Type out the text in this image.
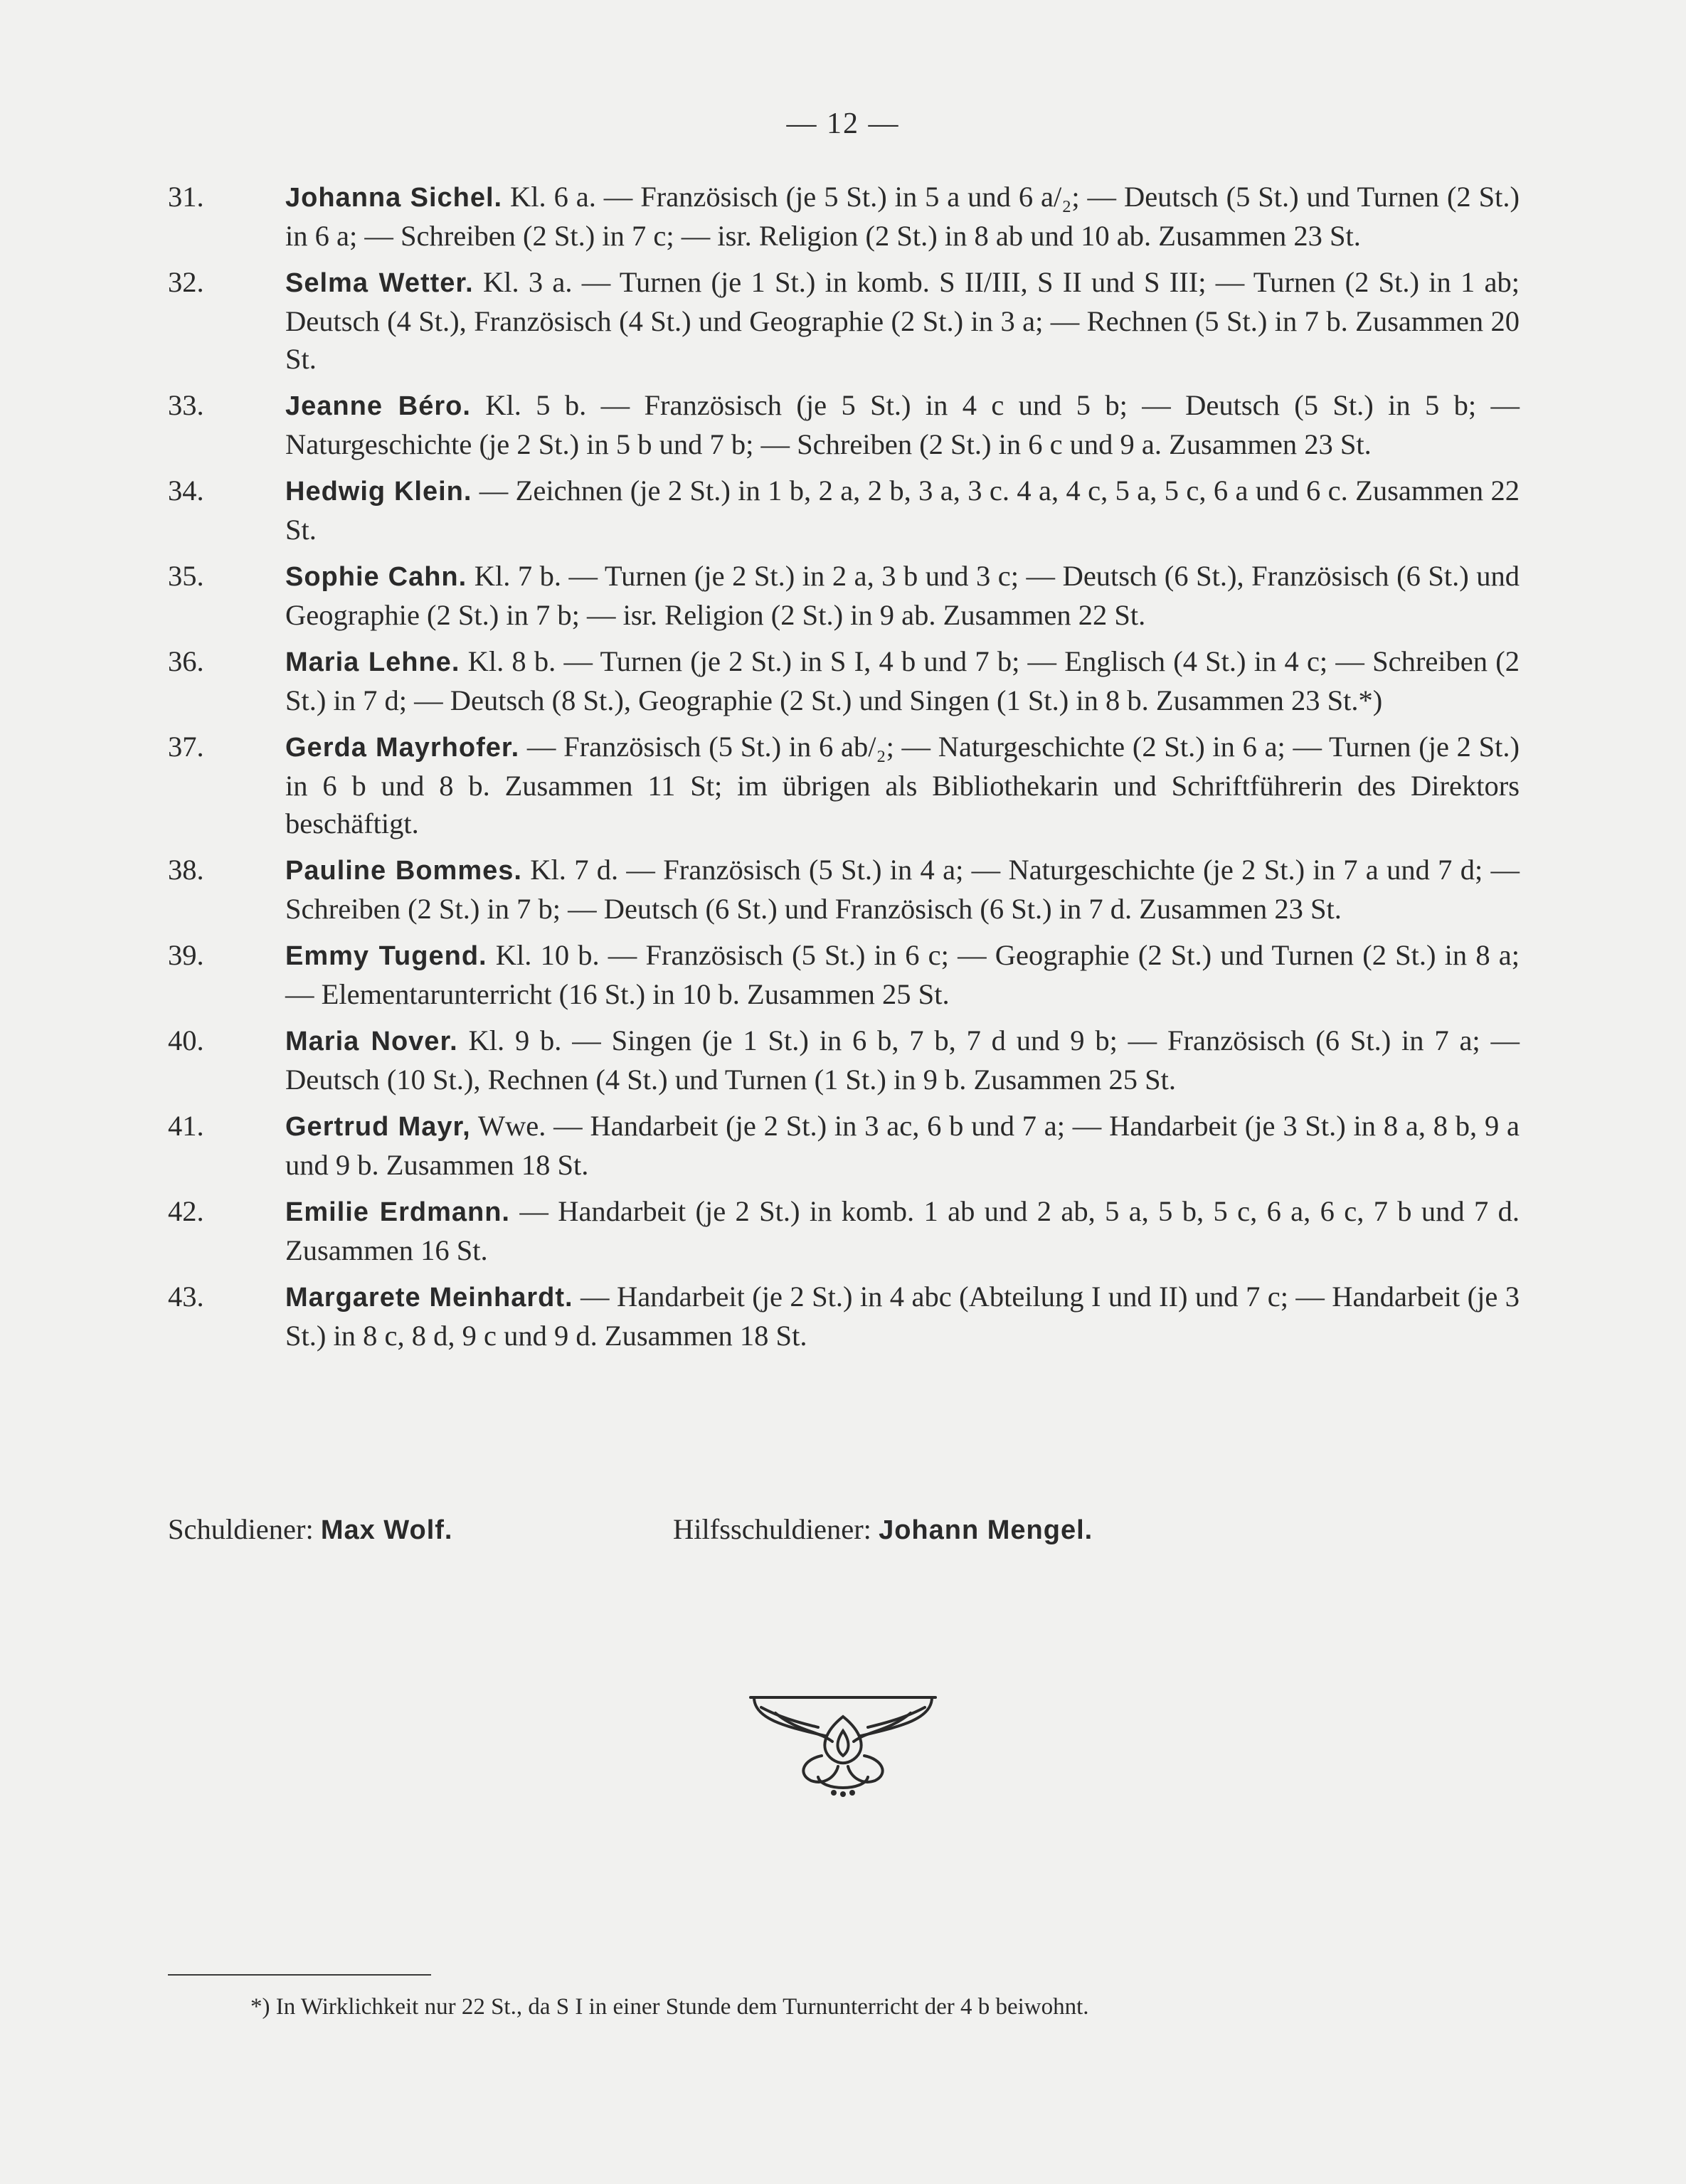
— 12 —
31.	Johanna Sichel. Kl. 6 a. — Französisch (je 5 St.) in 5 a und 6 a/₂; — Deutsch (5 St.) und Turnen (2 St.) in 6 a; — Schreiben (2 St.) in 7 c; — isr. Religion (2 St.) in 8 ab und 10 ab. Zusammen 23 St.
32.	Selma Wetter. Kl. 3 a. — Turnen (je 1 St.) in komb. S II/III, S II und S III; — Turnen (2 St.) in 1 ab; Deutsch (4 St.), Französisch (4 St.) und Geographie (2 St.) in 3 a; — Rechnen (5 St.) in 7 b. Zusammen 20 St.
33.	Jeanne Béro. Kl. 5 b. — Französisch (je 5 St.) in 4 c und 5 b; — Deutsch (5 St.) in 5 b; — Naturgeschichte (je 2 St.) in 5 b und 7 b; — Schreiben (2 St.) in 6 c und 9 a. Zusammen 23 St.
34.	Hedwig Klein. — Zeichnen (je 2 St.) in 1 b, 2 a, 2 b, 3 a, 3 c. 4 a, 4 c, 5 a, 5 c, 6 a und 6 c. Zusammen 22 St.
35.	Sophie Cahn. Kl. 7 b. — Turnen (je 2 St.) in 2 a, 3 b und 3 c; — Deutsch (6 St.), Französisch (6 St.) und Geographie (2 St.) in 7 b; — isr. Religion (2 St.) in 9 ab. Zusammen 22 St.
36.	Maria Lehne. Kl. 8 b. — Turnen (je 2 St.) in S I, 4 b und 7 b; — Englisch (4 St.) in 4 c; — Schreiben (2 St.) in 7 d; — Deutsch (8 St.), Geographie (2 St.) und Singen (1 St.) in 8 b. Zusammen 23 St.*)
37.	Gerda Mayrhofer. — Französisch (5 St.) in 6 ab/₂; — Naturgeschichte (2 St.) in 6 a; — Turnen (je 2 St.) in 6 b und 8 b. Zusammen 11 St; im übrigen als Bibliothekarin und Schriftführerin des Direktors beschäftigt.
38.	Pauline Bommes. Kl. 7 d. — Französisch (5 St.) in 4 a; — Naturgeschichte (je 2 St.) in 7 a und 7 d; — Schreiben (2 St.) in 7 b; — Deutsch (6 St.) und Französisch (6 St.) in 7 d. Zusammen 23 St.
39.	Emmy Tugend. Kl. 10 b. — Französisch (5 St.) in 6 c; — Geographie (2 St.) und Turnen (2 St.) in 8 a; — Elementarunterricht (16 St.) in 10 b. Zusammen 25 St.
40.	Maria Nover. Kl. 9 b. — Singen (je 1 St.) in 6 b, 7 b, 7 d und 9 b; — Französisch (6 St.) in 7 a; — Deutsch (10 St.), Rechnen (4 St.) und Turnen (1 St.) in 9 b. Zusammen 25 St.
41.	Gertrud Mayr, Wwe. — Handarbeit (je 2 St.) in 3 ac, 6 b und 7 a; — Handarbeit (je 3 St.) in 8 a, 8 b, 9 a und 9 b. Zusammen 18 St.
42.	Emilie Erdmann. — Handarbeit (je 2 St.) in komb. 1 ab und 2 ab, 5 a, 5 b, 5 c, 6 a, 6 c, 7 b und 7 d. Zusammen 16 St.
43.	Margarete Meinhardt. — Handarbeit (je 2 St.) in 4 abc (Abteilung I und II) und 7 c; — Handarbeit (je 3 St.) in 8 c, 8 d, 9 c und 9 d. Zusammen 18 St.
Schuldiener: Max Wolf.	Hilfsschuldiener: Johann Mengel.
*) In Wirklichkeit nur 22 St., da S I in einer Stunde dem Turnunterricht der 4 b beiwohnt.
